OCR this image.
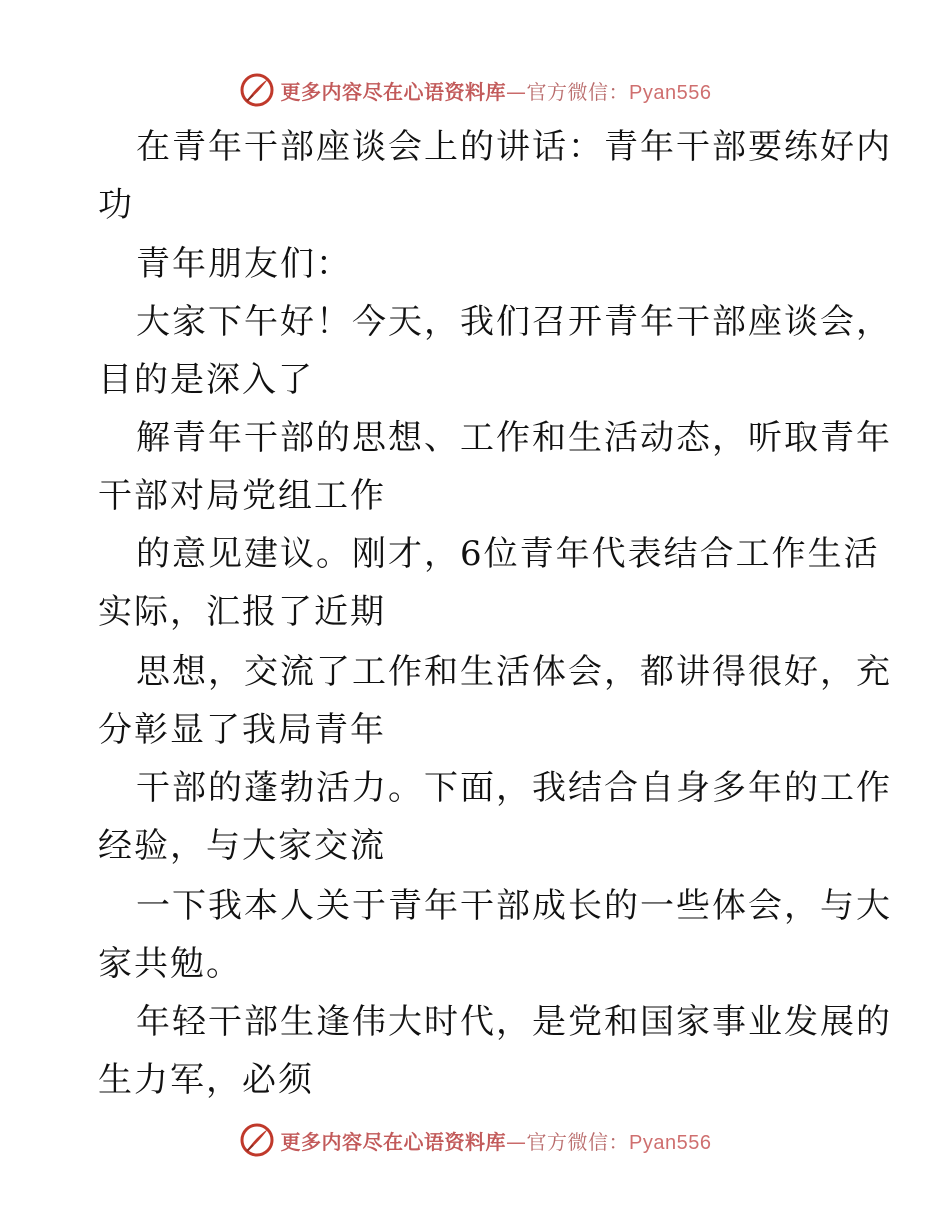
更多内容尽在心语资料库—官方微信：Pyan556
在青年干部座谈会上的讲话：青年干部要练好内
功
青年朋友们：
大家下午好！今天，我们召开青年干部座谈会，
目的是深入了
解青年干部的思想、工作和生活动态，听取青年
干部对局党组工作
的意见建议。刚才，6位青年代表结合工作生活
实际，汇报了近期
思想，交流了工作和生活体会，都讲得很好，充
分彰显了我局青年
干部的蓬勃活力。下面，我结合自身多年的工作
经验，与大家交流
一下我本人关于青年干部成长的一些体会，与大
家共勉。
年轻干部生逢伟大时代，是党和国家事业发展的
生力军，必须
更多内容尽在心语资料库—官方微信：Pyan556
